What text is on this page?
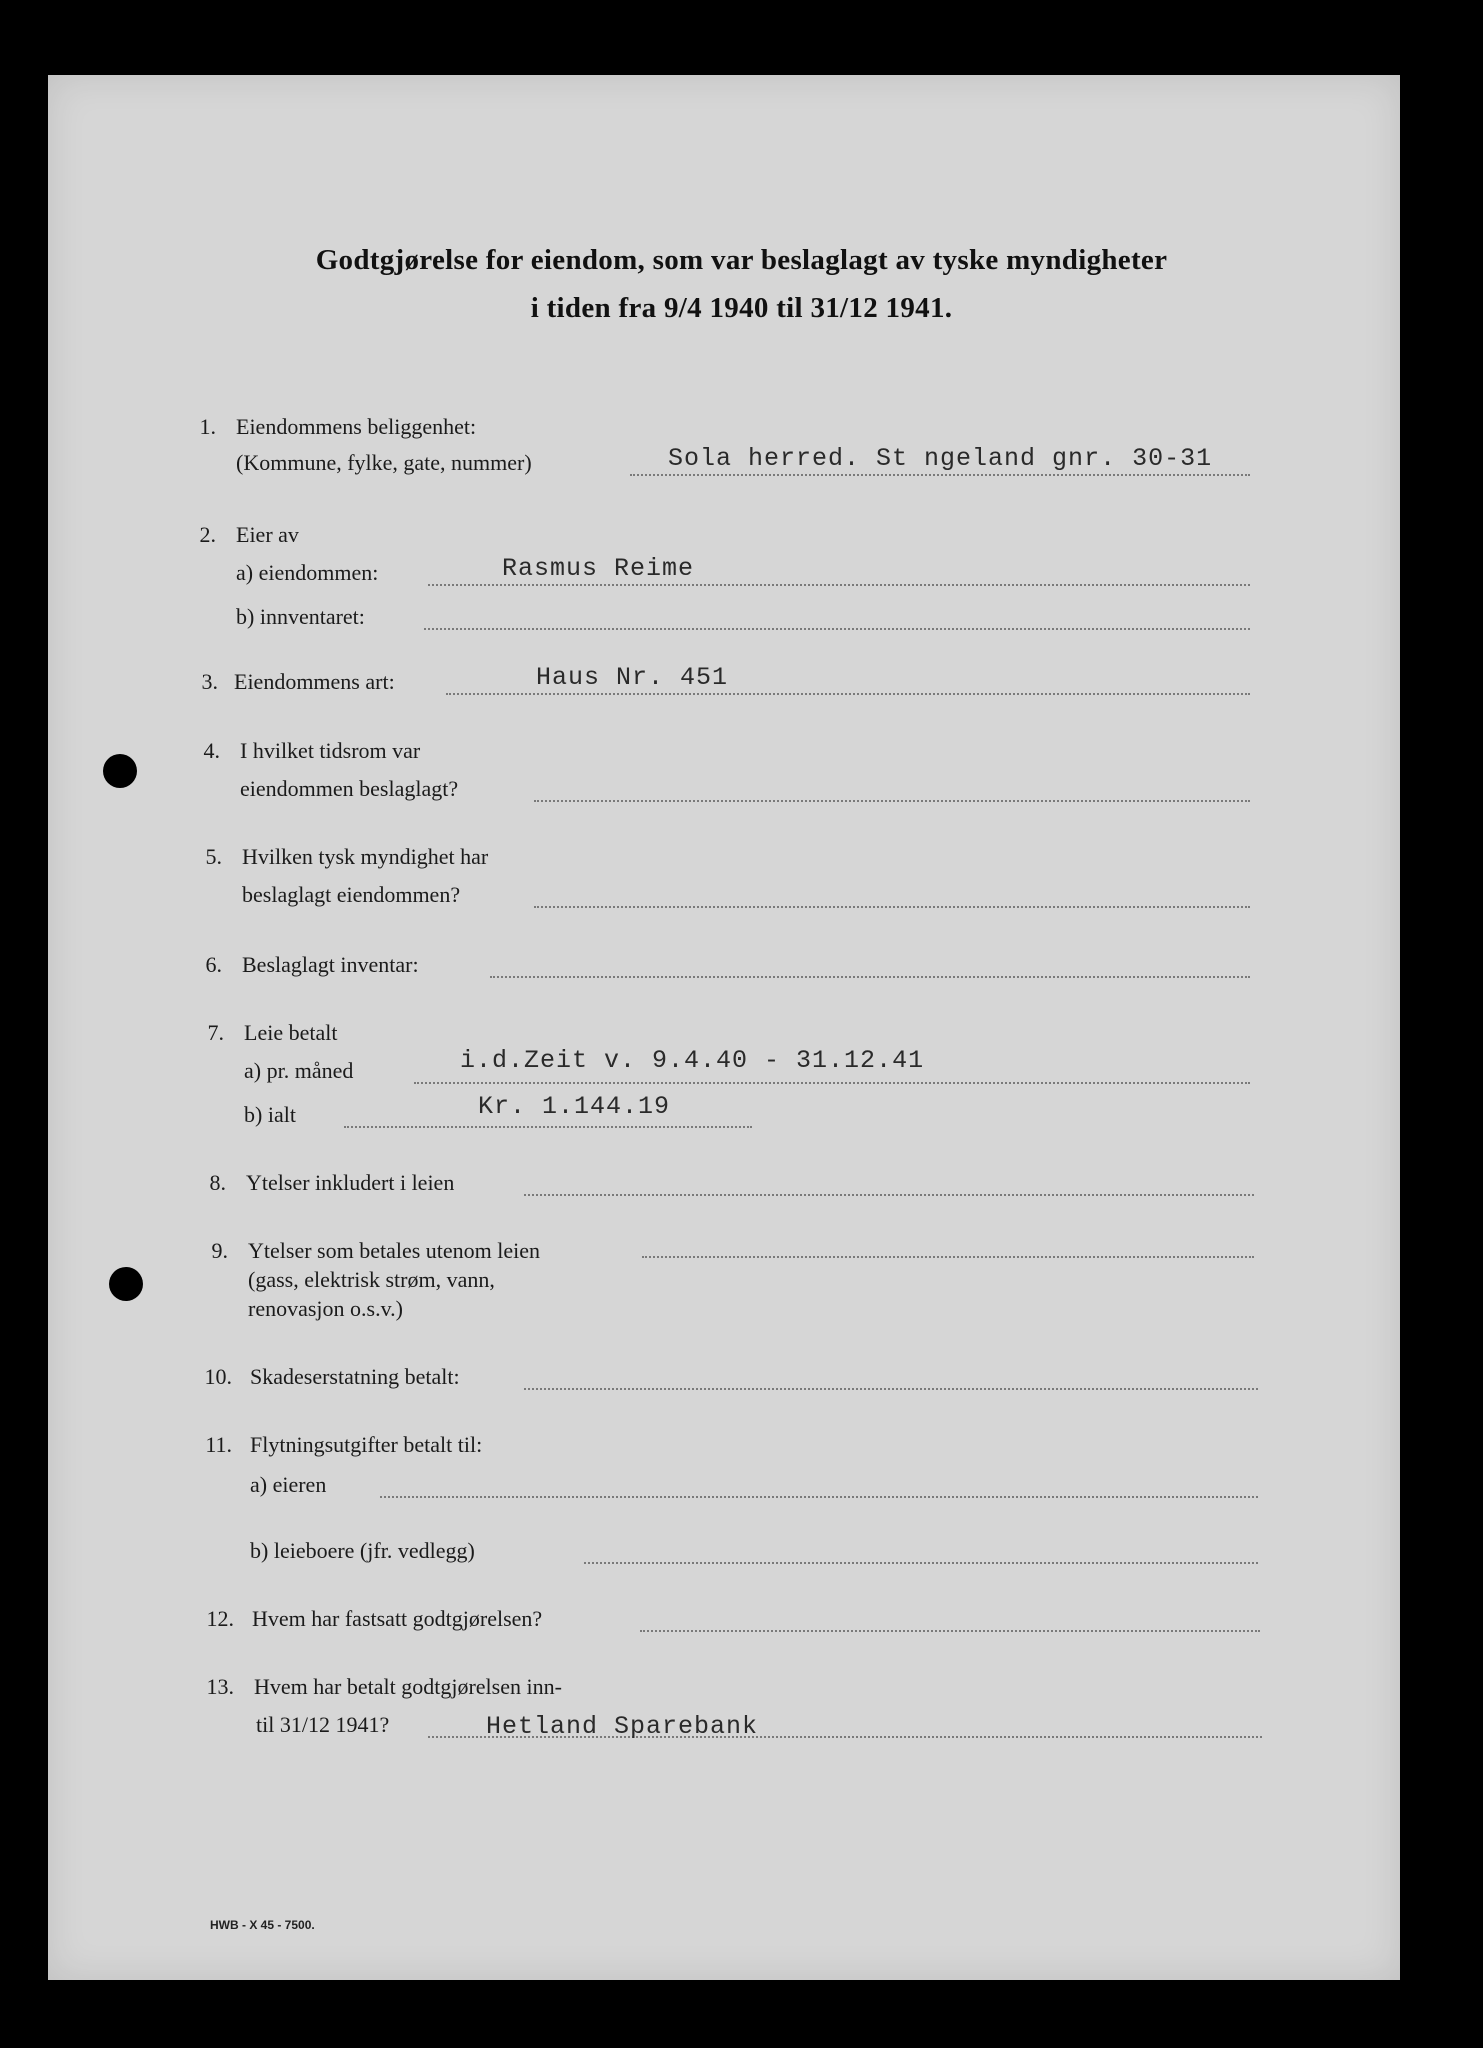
Godtgjørelse for eiendom, som var beslaglagt av tyske myndigheter
i tiden fra 9/4 1940 til 31/12 1941.
1. Eiendommens beliggenhet:
(Kommune, fylke, gate, nummer)	Sola herred. St ngeland gnr. 30-31
2. Eier av
a) eiendommen:	Rasmus Reime
b) innventaret:
3. Eiendommens art:	Haus Nr. 451
4. I hvilket tidsrom var
eiendommen beslaglagt?
5. Hvilken tysk myndighet har
beslaglagt eiendommen?
6. Beslaglagt inventar:
7. Leie betalt
a) pr. måned	i.d.Zeit v. 9.4.40 - 31.12.41
b) ialt	Kr. 1.144.19
8. Ytelser inkludert i leien
9. Ytelser som betales utenom leien
(gass, elektrisk strøm, vann,
renovasjon o.s.v.)
10. Skadeserstatning betalt:
11. Flytningsutgifter betalt til:
a) eieren
b) leieboere (jfr. vedlegg)
12. Hvem har fastsatt godtgjørelsen?
13. Hvem har betalt godtgjørelsen inn-
til 31/12 1941?	Hetland Sparebank
HWB - X 45 - 7500.
